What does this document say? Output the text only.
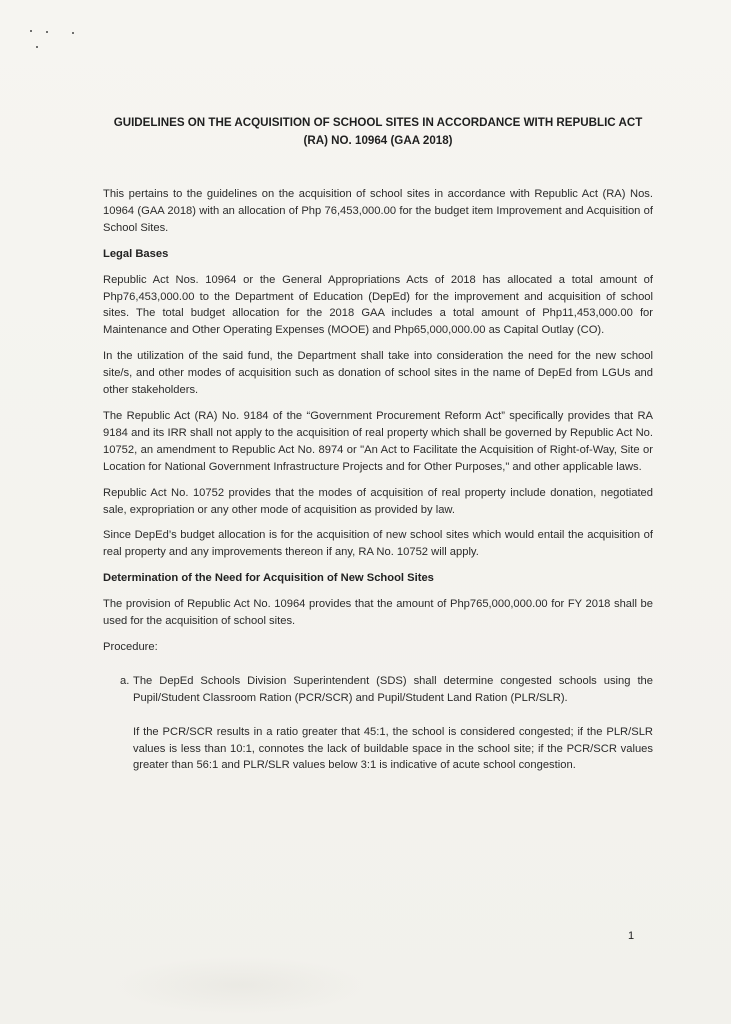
GUIDELINES ON THE ACQUISITION OF SCHOOL SITES IN ACCORDANCE WITH REPUBLIC ACT
(RA) NO. 10964 (GAA 2018)

This pertains to the guidelines on the acquisition of school sites in accordance with Republic Act (RA) Nos. 10964 (GAA 2018) with an allocation of Php 76,453,000.00 for the budget item Improvement and Acquisition of School Sites.

Legal Bases

Republic Act Nos. 10964 or the General Appropriations Acts of 2018 has allocated a total amount of Php76,453,000.00 to the Department of Education (DepEd) for the improvement and acquisition of school sites. The total budget allocation for the 2018 GAA includes a total amount of Php11,453,000.00 for Maintenance and Other Operating Expenses (MOOE) and Php65,000,000.00 as Capital Outlay (CO).

In the utilization of the said fund, the Department shall take into consideration the need for the new school site/s, and other modes of acquisition such as donation of school sites in the name of DepEd from LGUs and other stakeholders.

The Republic Act (RA) No. 9184 of the “Government Procurement Reform Act” specifically provides that RA 9184 and its IRR shall not apply to the acquisition of real property which shall be governed by Republic Act No. 10752, an amendment to Republic Act No. 8974 or "An Act to Facilitate the Acquisition of Right-of-Way, Site or Location for National Government Infrastructure Projects and for Other Purposes," and other applicable laws.

Republic Act No. 10752 provides that the modes of acquisition of real property include donation, negotiated sale, expropriation or any other mode of acquisition as provided by law.

Since DepEd’s budget allocation is for the acquisition of new school sites which would entail the acquisition of real property and any improvements thereon if any, RA No. 10752 will apply.

Determination of the Need for Acquisition of New School Sites

The provision of Republic Act No. 10964 provides that the amount of Php765,000,000.00 for FY 2018 shall be used for the acquisition of school sites.

Procedure:

a. The DepEd Schools Division Superintendent (SDS) shall determine congested schools using the Pupil/Student Classroom Ration (PCR/SCR) and Pupil/Student Land Ration (PLR/SLR).

If the PCR/SCR results in a ratio greater that 45:1, the school is considered congested; if the PLR/SLR values is less than 10:1, connotes the lack of buildable space in the school site; if the PCR/SCR values greater than 56:1 and PLR/SLR values below 3:1 is indicative of acute school congestion.

1
